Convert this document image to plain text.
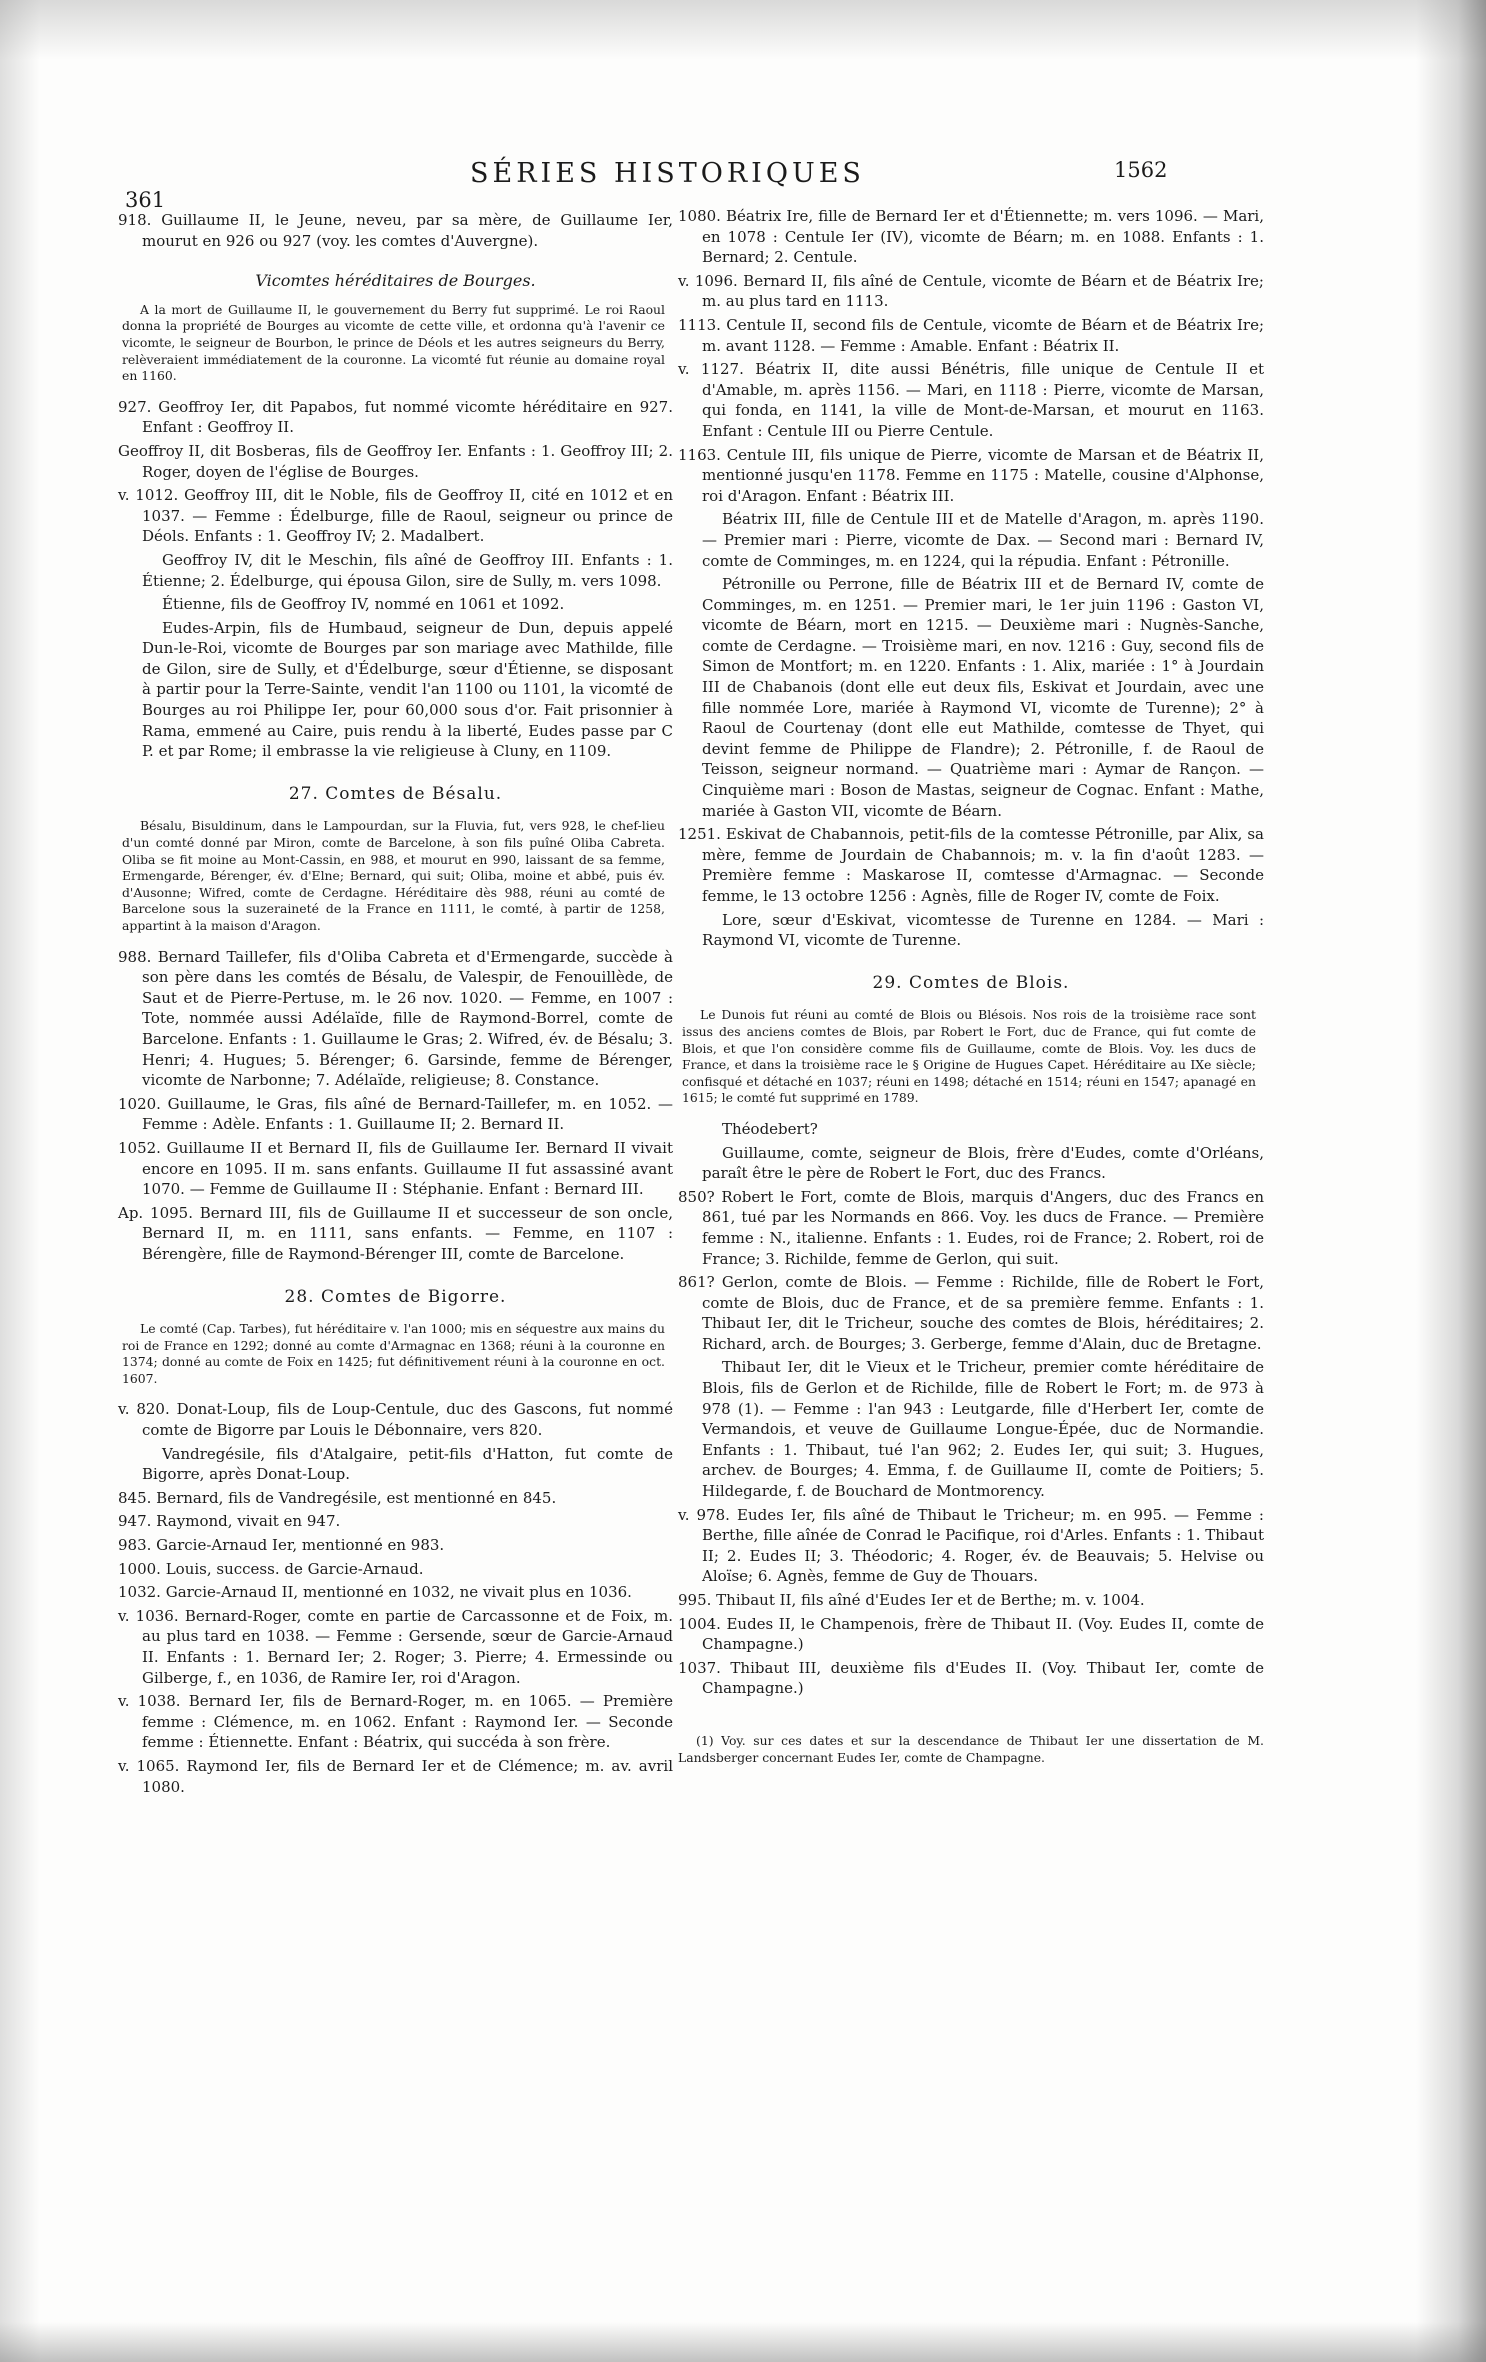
361
SÉRIES HISTORIQUES	1562

918. Guillaume II, le Jeune, neveu, par sa mère, de Guillaume Ier, mourut en 926 ou 927 (voy. les comtes d'Auvergne).

Vicomtes héréditaires de Bourges.

A la mort de Guillaume II, le gouvernement du Berry fut supprimé. Le roi Raoul donna la propriété de Bourges au vicomte de cette ville, et ordonna qu'à l'avenir ce vicomte, le seigneur de Bourbon, le prince de Déols et les autres seigneurs du Berry, relèveraient immédiatement de la couronne. La vicomté fut réunie au domaine royal en 1160.

927. Geoffroy Ier, dit Papabos, fut nommé vicomte héréditaire en 927. Enfant : Geoffroy II.

Geoffroy II, dit Bosberas, fils de Geoffroy Ier. Enfants : 1. Geoffroy III; 2. Roger, doyen de l'église de Bourges.

v. 1012. Geoffroy III, dit le Noble, fils de Geoffroy II, cité en 1012 et en 1037. — Femme : Édelburge, fille de Raoul, seigneur ou prince de Déols. Enfants : 1. Geoffroy IV; 2. Madalbert.

Geoffroy IV, dit le Meschin, fils aîné de Geoffroy III. Enfants : 1. Étienne; 2. Édelburge, qui épousa Gilon, sire de Sully, m. vers 1098.

Étienne, fils de Geoffroy IV, nommé en 1061 et 1092.

Eudes-Arpin, fils de Humbaud, seigneur de Dun, depuis appelé Dun-le-Roi, vicomte de Bourges par son mariage avec Mathilde, fille de Gilon, sire de Sully, et d'Édelburge, sœur d'Étienne, se disposant à partir pour la Terre-Sainte, vendit l'an 1100 ou 1101, la vicomté de Bourges au roi Philippe Ier, pour 60,000 sous d'or. Fait prisonnier à Rama, emmené au Caire, puis rendu à la liberté, Eudes passe par C P. et par Rome; il embrasse la vie religieuse à Cluny, en 1109.

27. Comtes de Bésalu.

Bésalu, Bisuldinum, dans le Lampourdan, sur la Fluvia, fut, vers 928, le chef-lieu d'un comté donné par Miron, comte de Barcelone, à son fils puîné Oliba Cabreta. Oliba se fit moine au Mont-Cassin, en 988, et mourut en 990, laissant de sa femme, Ermengarde, Bérenger, év. d'Elne; Bernard, qui suit; Oliba, moine et abbé, puis év. d'Ausonne; Wifred, comte de Cerdagne. Héréditaire dès 988, réuni au comté de Barcelone sous la suzeraineté de la France en 1111, le comté, à partir de 1258, appartint à la maison d'Aragon.

988. Bernard Taillefer, fils d'Oliba Cabreta et d'Ermengarde, succède à son père dans les comtés de Bésalu, de Valespir, de Fenouillède, de Saut et de Pierre-Pertuse, m. le 26 nov. 1020. — Femme, en 1007 : Tote, nommée aussi Adélaïde, fille de Raymond-Borrel, comte de Barcelone. Enfants : 1. Guillaume le Gras; 2. Wifred, év. de Bésalu; 3. Henri; 4. Hugues; 5. Bérenger; 6. Garsinde, femme de Bérenger, vicomte de Narbonne; 7. Adélaïde, religieuse; 8. Constance.

1020. Guillaume, le Gras, fils aîné de Bernard-Taillefer, m. en 1052. — Femme : Adèle. Enfants : 1. Guillaume II; 2. Bernard II.

1052. Guillaume II et Bernard II, fils de Guillaume Ier. Bernard II vivait encore en 1095. II m. sans enfants. Guillaume II fut assassiné avant 1070. — Femme de Guillaume II : Stéphanie. Enfant : Bernard III.

Ap. 1095. Bernard III, fils de Guillaume II et successeur de son oncle, Bernard II, m. en 1111, sans enfants. — Femme, en 1107 : Bérengère, fille de Raymond-Bérenger III, comte de Barcelone.

28. Comtes de Bigorre.

Le comté (Cap. Tarbes), fut héréditaire v. l'an 1000; mis en séquestre aux mains du roi de France en 1292; donné au comte d'Armagnac en 1368; réuni à la couronne en 1374; donné au comte de Foix en 1425; fut définitivement réuni à la couronne en oct. 1607.

v. 820. Donat-Loup, fils de Loup-Centule, duc des Gascons, fut nommé comte de Bigorre par Louis le Débonnaire, vers 820.

Vandregésile, fils d'Atalgaire, petit-fils d'Hatton, fut comte de Bigorre, après Donat-Loup.

845. Bernard, fils de Vandregésile, est mentionné en 845.

947. Raymond, vivait en 947.

983. Garcie-Arnaud Ier, mentionné en 983.

1000. Louis, success. de Garcie-Arnaud.

1032. Garcie-Arnaud II, mentionné en 1032, ne vivait plus en 1036.

v. 1036. Bernard-Roger, comte en partie de Carcassonne et de Foix, m. au plus tard en 1038. — Femme : Gersende, sœur de Garcie-Arnaud II. Enfants : 1. Bernard Ier; 2. Roger; 3. Pierre; 4. Ermessinde ou Gilberge, f., en 1036, de Ramire Ier, roi d'Aragon.

v. 1038. Bernard Ier, fils de Bernard-Roger, m. en 1065. — Première femme : Clémence, m. en 1062. Enfant : Raymond Ier. — Seconde femme : Étiennette. Enfant : Béatrix, qui succéda à son frère.

v. 1065. Raymond Ier, fils de Bernard Ier et de Clémence; m. av. avril 1080.

1080. Béatrix Ire, fille de Bernard Ier et d'Étiennette; m. vers 1096. — Mari, en 1078 : Centule Ier (IV), vicomte de Béarn; m. en 1088. Enfants : 1. Bernard; 2. Centule.

v. 1096. Bernard II, fils aîné de Centule, vicomte de Béarn et de Béatrix Ire; m. au plus tard en 1113.

1113. Centule II, second fils de Centule, vicomte de Béarn et de Béatrix Ire; m. avant 1128. — Femme : Amable. Enfant : Béatrix II.

v. 1127. Béatrix II, dite aussi Bénétris, fille unique de Centule II et d'Amable, m. après 1156. — Mari, en 1118 : Pierre, vicomte de Marsan, qui fonda, en 1141, la ville de Mont-de-Marsan, et mourut en 1163. Enfant : Centule III ou Pierre Centule.

1163. Centule III, fils unique de Pierre, vicomte de Marsan et de Béatrix II, mentionné jusqu'en 1178. Femme en 1175 : Matelle, cousine d'Alphonse, roi d'Aragon. Enfant : Béatrix III.

Béatrix III, fille de Centule III et de Matelle d'Aragon, m. après 1190. — Premier mari : Pierre, vicomte de Dax. — Second mari : Bernard IV, comte de Comminges, m. en 1224, qui la répudia. Enfant : Pétronille.

Pétronille ou Perrone, fille de Béatrix III et de Bernard IV, comte de Comminges, m. en 1251. — Premier mari, le 1er juin 1196 : Gaston VI, vicomte de Béarn, mort en 1215. — Deuxième mari : Nugnès-Sanche, comte de Cerdagne. — Troisième mari, en nov. 1216 : Guy, second fils de Simon de Montfort; m. en 1220. Enfants : 1. Alix, mariée : 1° à Jourdain III de Chabanois (dont elle eut deux fils, Eskivat et Jourdain, avec une fille nommée Lore, mariée à Raymond VI, vicomte de Turenne); 2° à Raoul de Courtenay (dont elle eut Mathilde, comtesse de Thyet, qui devint femme de Philippe de Flandre); 2. Pétronille, f. de Raoul de Teisson, seigneur normand. — Quatrième mari : Aymar de Rançon. — Cinquième mari : Boson de Mastas, seigneur de Cognac. Enfant : Mathe, mariée à Gaston VII, vicomte de Béarn.

1251. Eskivat de Chabannois, petit-fils de la comtesse Pétronille, par Alix, sa mère, femme de Jourdain de Chabannois; m. v. la fin d'août 1283. — Première femme : Maskarose II, comtesse d'Armagnac. — Seconde femme, le 13 octobre 1256 : Agnès, fille de Roger IV, comte de Foix.

Lore, sœur d'Eskivat, vicomtesse de Turenne en 1284. — Mari : Raymond VI, vicomte de Turenne.

29. Comtes de Blois.

Le Dunois fut réuni au comté de Blois ou Blésois. Nos rois de la troisième race sont issus des anciens comtes de Blois, par Robert le Fort, duc de France, qui fut comte de Blois, et que l'on considère comme fils de Guillaume, comte de Blois. Voy. les ducs de France, et dans la troisième race le § Origine de Hugues Capet. Héréditaire au IXe siècle; confisqué et détaché en 1037; réuni en 1498; détaché en 1514; réuni en 1547; apanagé en 1615; le comté fut supprimé en 1789.

Théodebert?

Guillaume, comte, seigneur de Blois, frère d'Eudes, comte d'Orléans, paraît être le père de Robert le Fort, duc des Francs.

850? Robert le Fort, comte de Blois, marquis d'Angers, duc des Francs en 861, tué par les Normands en 866. Voy. les ducs de France. — Première femme : N., italienne. Enfants : 1. Eudes, roi de France; 2. Robert, roi de France; 3. Richilde, femme de Gerlon, qui suit.

861? Gerlon, comte de Blois. — Femme : Richilde, fille de Robert le Fort, comte de Blois, duc de France, et de sa première femme. Enfants : 1. Thibaut Ier, dit le Tricheur, souche des comtes de Blois, héréditaires; 2. Richard, arch. de Bourges; 3. Gerberge, femme d'Alain, duc de Bretagne.

Thibaut Ier, dit le Vieux et le Tricheur, premier comte héréditaire de Blois, fils de Gerlon et de Richilde, fille de Robert le Fort; m. de 973 à 978 (1). — Femme : l'an 943 : Leutgarde, fille d'Herbert Ier, comte de Vermandois, et veuve de Guillaume Longue-Épée, duc de Normandie. Enfants : 1. Thibaut, tué l'an 962; 2. Eudes Ier, qui suit; 3. Hugues, archev. de Bourges; 4. Emma, f. de Guillaume II, comte de Poitiers; 5. Hildegarde, f. de Bouchard de Montmorency.

v. 978. Eudes Ier, fils aîné de Thibaut le Tricheur; m. en 995. — Femme : Berthe, fille aînée de Conrad le Pacifique, roi d'Arles. Enfants : 1. Thibaut II; 2. Eudes II; 3. Théodoric; 4. Roger, év. de Beauvais; 5. Helvise ou Aloïse; 6. Agnès, femme de Guy de Thouars.

995. Thibaut II, fils aîné d'Eudes Ier et de Berthe; m. v. 1004.

1004. Eudes II, le Champenois, frère de Thibaut II. (Voy. Eudes II, comte de Champagne.)

1037. Thibaut III, deuxième fils d'Eudes II. (Voy. Thibaut Ier, comte de Champagne.)

(1) Voy. sur ces dates et sur la descendance de Thibaut Ier une dissertation de M. Landsberger concernant Eudes Ier, comte de Champagne.
